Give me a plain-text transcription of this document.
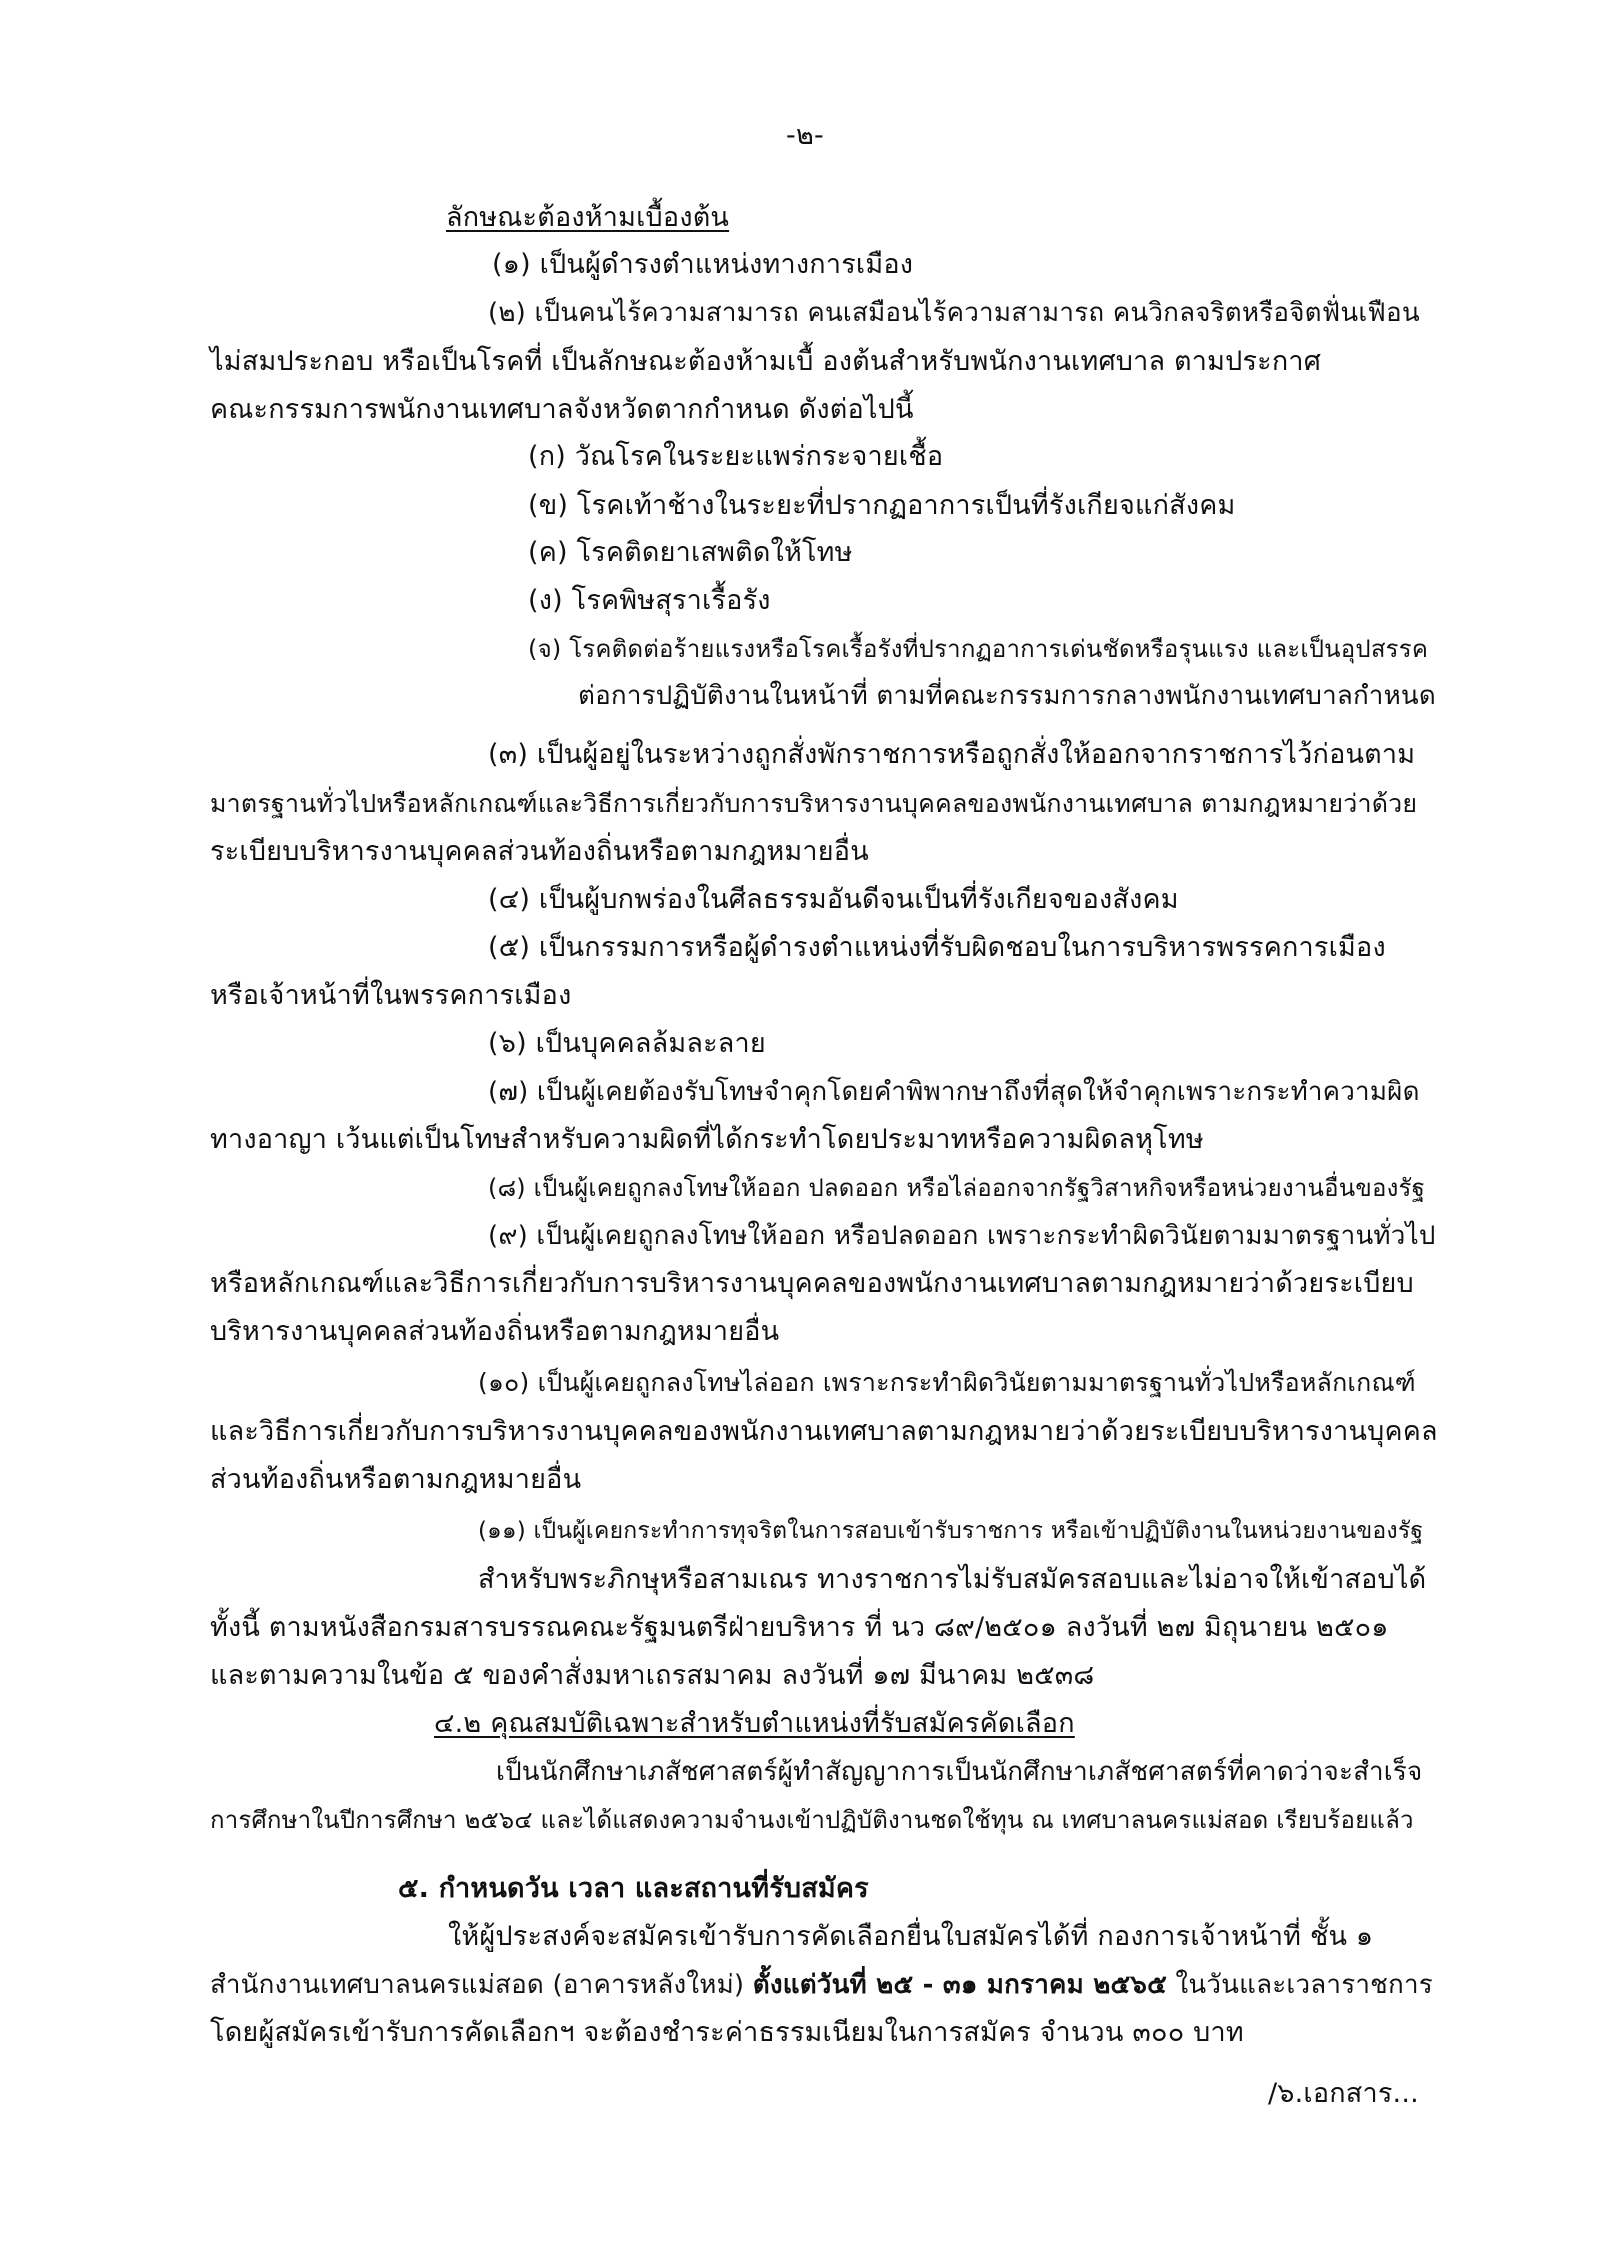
-๒-
ลักษณะต้องห้ามเบื้องต้น
(๑) เป็นผู้ดำรงตำแหน่งทางการเมือง
(๒) เป็นคนไร้ความสามารถ คนเสมือนไร้ความสามารถ คนวิกลจริตหรือจิตฟั่นเฟือน
ไม่สมประกอบ หรือเป็นโรคที่ เป็นลักษณะต้องห้ามเบื้ องต้นสำหรับพนักงานเทศบาล ตามประกาศ
คณะกรรมการพนักงานเทศบาลจังหวัดตากกำหนด ดังต่อไปนี้
(ก) วัณโรคในระยะแพร่กระจายเชื้อ
(ข) โรคเท้าช้างในระยะที่ปรากฏอาการเป็นที่รังเกียจแก่สังคม
(ค) โรคติดยาเสพติดให้โทษ
(ง) โรคพิษสุราเรื้อรัง
(จ) โรคติดต่อร้ายแรงหรือโรคเรื้อรังที่ปรากฏอาการเด่นชัดหรือรุนแรง และเป็นอุปสรรค
ต่อการปฏิบัติงานในหน้าที่ ตามที่คณะกรรมการกลางพนักงานเทศบาลกำหนด
(๓) เป็นผู้อยู่ในระหว่างถูกสั่งพักราชการหรือถูกสั่งให้ออกจากราชการไว้ก่อนตาม
มาตรฐานทั่วไปหรือหลักเกณฑ์และวิธีการเกี่ยวกับการบริหารงานบุคคลของพนักงานเทศบาล ตามกฎหมายว่าด้วย
ระเบียบบริหารงานบุคคลส่วนท้องถิ่นหรือตามกฎหมายอื่น
(๔) เป็นผู้บกพร่องในศีลธรรมอันดีจนเป็นที่รังเกียจของสังคม
(๕) เป็นกรรมการหรือผู้ดำรงตำแหน่งที่รับผิดชอบในการบริหารพรรคการเมือง
หรือเจ้าหน้าที่ในพรรคการเมือง
(๖) เป็นบุคคลล้มละลาย
(๗) เป็นผู้เคยต้องรับโทษจำคุกโดยคำพิพากษาถึงที่สุดให้จำคุกเพราะกระทำความผิด
ทางอาญา เว้นแต่เป็นโทษสำหรับความผิดที่ได้กระทำโดยประมาทหรือความผิดลหุโทษ
(๘) เป็นผู้เคยถูกลงโทษให้ออก ปลดออก หรือไล่ออกจากรัฐวิสาหกิจหรือหน่วยงานอื่นของรัฐ
(๙) เป็นผู้เคยถูกลงโทษให้ออก หรือปลดออก เพราะกระทำผิดวินัยตามมาตรฐานทั่วไป
หรือหลักเกณฑ์และวิธีการเกี่ยวกับการบริหารงานบุคคลของพนักงานเทศบาลตามกฎหมายว่าด้วยระเบียบ
บริหารงานบุคคลส่วนท้องถิ่นหรือตามกฎหมายอื่น
(๑๐) เป็นผู้เคยถูกลงโทษไล่ออก เพราะกระทำผิดวินัยตามมาตรฐานทั่วไปหรือหลักเกณฑ์
และวิธีการเกี่ยวกับการบริหารงานบุคคลของพนักงานเทศบาลตามกฎหมายว่าด้วยระเบียบบริหารงานบุคคล
ส่วนท้องถิ่นหรือตามกฎหมายอื่น
(๑๑) เป็นผู้เคยกระทำการทุจริตในการสอบเข้ารับราชการ หรือเข้าปฏิบัติงานในหน่วยงานของรัฐ
สำหรับพระภิกษุหรือสามเณร ทางราชการไม่รับสมัครสอบและไม่อาจให้เข้าสอบได้
ทั้งนี้ ตามหนังสือกรมสารบรรณคณะรัฐมนตรีฝ่ายบริหาร ที่ นว ๘๙/๒๕๐๑ ลงวันที่ ๒๗ มิถุนายน ๒๕๐๑
และตามความในข้อ ๕ ของคำสั่งมหาเถรสมาคม ลงวันที่ ๑๗ มีนาคม ๒๕๓๘
๔.๒ คุณสมบัติเฉพาะสำหรับตำแหน่งที่รับสมัครคัดเลือก
เป็นนักศึกษาเภสัชศาสตร์ผู้ทำสัญญาการเป็นนักศึกษาเภสัชศาสตร์ที่คาดว่าจะสำเร็จ
การศึกษาในปีการศึกษา ๒๕๖๔ และได้แสดงความจำนงเข้าปฏิบัติงานชดใช้ทุน ณ เทศบาลนครแม่สอด เรียบร้อยแล้ว
๕. กำหนดวัน เวลา และสถานที่รับสมัคร
ให้ผู้ประสงค์จะสมัครเข้ารับการคัดเลือกยื่นใบสมัครได้ที่ กองการเจ้าหน้าที่ ชั้น ๑
สำนักงานเทศบาลนครแม่สอด (อาคารหลังใหม่) ตั้งแต่วันที่ ๒๕ - ๓๑ มกราคม ๒๕๖๕ ในวันและเวลาราชการ
โดยผู้สมัครเข้ารับการคัดเลือกฯ จะต้องชำระค่าธรรมเนียมในการสมัคร จำนวน ๓๐๐ บาท
/๖.เอกสาร...
